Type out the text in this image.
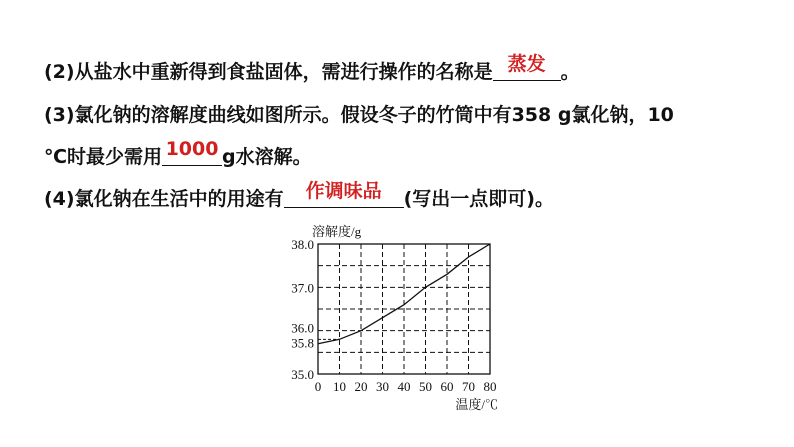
(2)从盐水中重新得到食盐固体，需进行操作的名称是 蒸发 。
(3)氯化钠的溶解度曲线如图所示。假设冬子的竹筒中有358 g氯化钠，10
℃时最少需用 1000 g水溶解。
(4)氯化钠在生活中的用途有	作调味品	(写出一点即可)。
0 10 20 30 40 50 60 70 80
35.0
35.8
36.0
37.0
38.0
溶解度/g
温度/℃
